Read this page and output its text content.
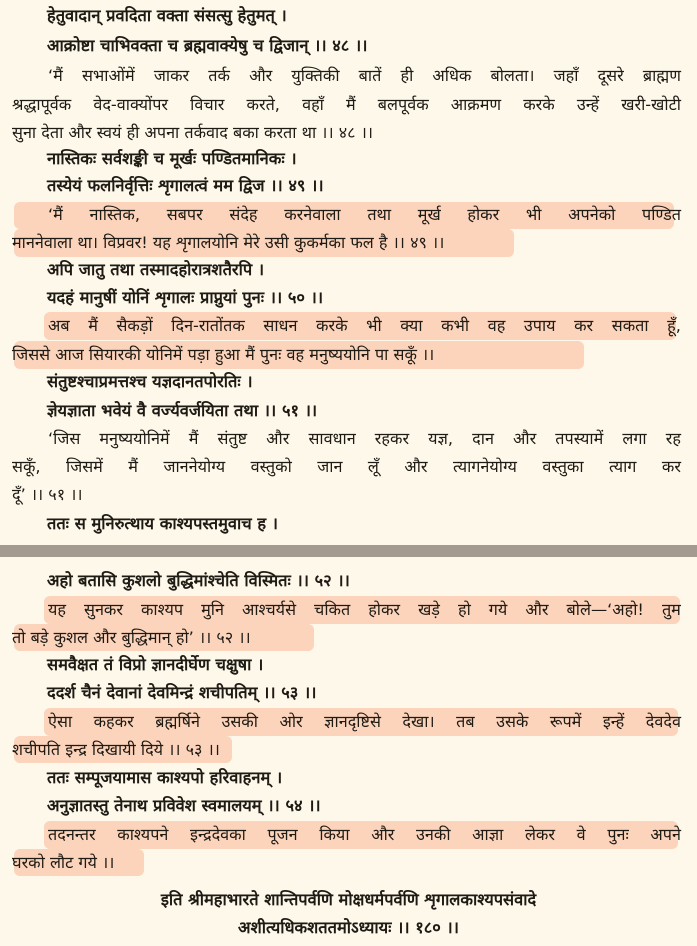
हेतुवादान् प्रवदिता वक्ता संसत्सु हेतुमत् ।
आक्रोष्टा चाभिवक्ता च ब्रह्मवाक्येषु च द्विजान् ।। ४८ ।।
‘मैं सभाओंमें जाकर तर्क और युक्तिकी बातें ही अधिक बोलता। जहाँ दूसरे ब्राह्मण
श्रद्धापूर्वक वेद-वाक्योंपर विचार करते, वहाँ मैं बलपूर्वक आक्रमण करके उन्हें खरी-खोटी
सुना देता और स्वयं ही अपना तर्कवाद बका करता था ।। ४८ ।।
नास्तिकः सर्वशङ्की च मूर्खः पण्डितमानिकः ।
तस्येयं फलनिर्वृत्तिः शृगालत्वं मम द्विज ।। ४९ ।।
‘मैं नास्तिक, सबपर संदेह करनेवाला तथा मूर्ख होकर भी अपनेको पण्डित
माननेवाला था। विप्रवर! यह शृगालयोनि मेरे उसी कुकर्मका फल है ।। ४९ ।।
अपि जातु तथा तस्मादहोरात्रशतैरपि ।
यदहं मानुषीं योनिं शृगालः प्राप्नुयां पुनः ।। ५० ।।
अब मैं सैकड़ों दिन-रातोंतक साधन करके भी क्या कभी वह उपाय कर सकता हूँ,
जिससे आज सियारकी योनिमें पड़ा हुआ मैं पुनः वह मनुष्ययोनि पा सकूँ ।।
संतुष्टश्चाप्रमत्तश्च यज्ञदानतपोरतिः ।
ज्ञेयज्ञाता भवेयं वै वर्ज्यवर्जयिता तथा ।। ५१ ।।
‘जिस मनुष्ययोनिमें मैं संतुष्ट और सावधान रहकर यज्ञ, दान और तपस्यामें लगा रह
सकूँ, जिसमें मैं जाननेयोग्य वस्तुको जान लूँ और त्यागनेयोग्य वस्तुका त्याग कर
दूँ’ ।। ५१ ।।
ततः स मुनिरुत्थाय काश्यपस्तमुवाच ह ।
अहो बतासि कुशलो बुद्धिमांश्चेति विस्मितः ।। ५२ ।।
यह सुनकर काश्यप मुनि आश्चर्यसे चकित होकर खड़े हो गये और बोले—‘अहो! तुम
तो बड़े कुशल और बुद्धिमान् हो’ ।। ५२ ।।
समवैक्षत तं विप्रो ज्ञानदीर्घेण चक्षुषा ।
ददर्श चैनं देवानां देवमिन्द्रं शचीपतिम् ।। ५३ ।।
ऐसा कहकर ब्रह्मर्षिने उसकी ओर ज्ञानदृष्टिसे देखा। तब उसके रूपमें इन्हें देवदेव
शचीपति इन्द्र दिखायी दिये ।। ५३ ।।
ततः सम्पूजयामास काश्यपो हरिवाहनम् ।
अनुज्ञातस्तु तेनाथ प्रविवेश स्वमालयम् ।। ५४ ।।
तदनन्तर काश्यपने इन्द्रदेवका पूजन किया और उनकी आज्ञा लेकर वे पुनः अपने
घरको लौट गये ।।
इति श्रीमहाभारते शान्तिपर्वणि मोक्षधर्मपर्वणि शृगालकाश्यपसंवादे
अशीत्यधिकशततमोऽध्यायः ।। १८० ।।
